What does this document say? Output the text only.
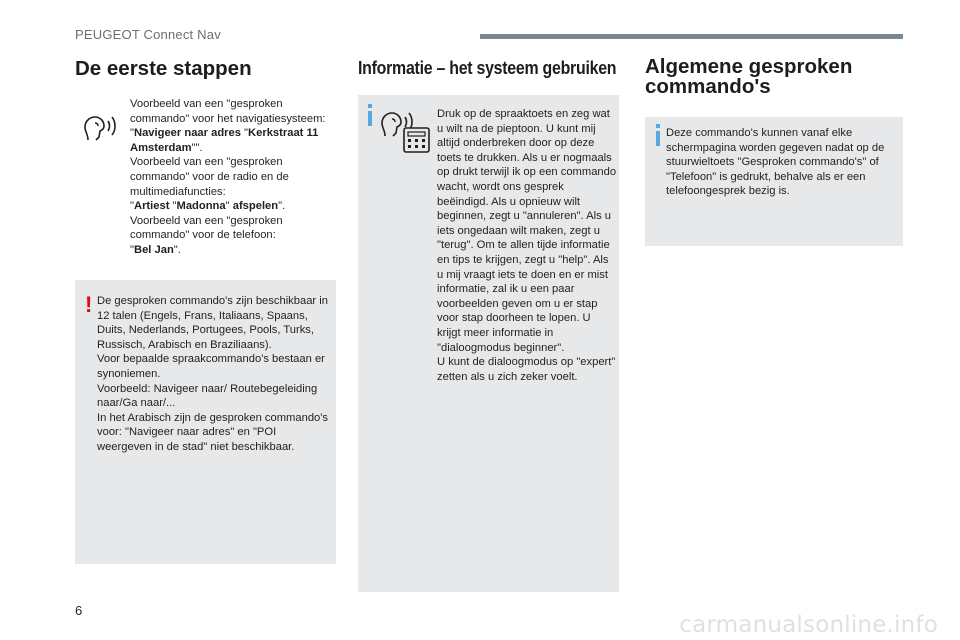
PEUGEOT Connect Nav
De eerste stappen
Voorbeeld van een "gesproken commando" voor het navigatiesysteem:
"Navigeer naar adres "Kerkstraat 11 Amsterdam"".
Voorbeeld van een "gesproken commando" voor de radio en de multimediafuncties:
"Artiest "Madonna" afspelen".
Voorbeeld van een "gesproken commando" voor de telefoon:
"Bel Jan".
! De gesproken commando's zijn beschikbaar in 12 talen (Engels, Frans, Italiaans, Spaans, Duits, Nederlands, Portugees, Pools, Turks, Russisch, Arabisch en Braziliaans).
Voor bepaalde spraakcommando's bestaan er synoniemen.
Voorbeeld: Navigeer naar/ Routebegeleiding naar/Ga naar/...
In het Arabisch zijn de gesproken commando's voor: "Navigeer naar adres" en "POI weergeven in de stad" niet beschikbaar.
Informatie – het systeem gebruiken
Druk op de spraaktoets en zeg wat u wilt na de pieptoon. U kunt mij altijd onderbreken door op deze toets te drukken. Als u er nogmaals op drukt terwijl ik op een commando wacht, wordt ons gesprek beëindigd. Als u opnieuw wilt beginnen, zegt u "annuleren". Als u iets ongedaan wilt maken, zegt u "terug". Om te allen tijde informatie en tips te krijgen, zegt u "help". Als u mij vraagt iets te doen en er mist informatie, zal ik u een paar voorbeelden geven om u er stap voor stap doorheen te lopen. U krijgt meer informatie in "dialoogmodus beginner".
U kunt de dialoogmodus op "expert" zetten als u zich zeker voelt.
Algemene gesproken commando's
Deze commando's kunnen vanaf elke schermpagina worden gegeven nadat op de stuurwieltoets "Gesproken commando's" of "Telefoon" is gedrukt, behalve als er een telefoongesprek bezig is.
6
carmanualsonline.info
